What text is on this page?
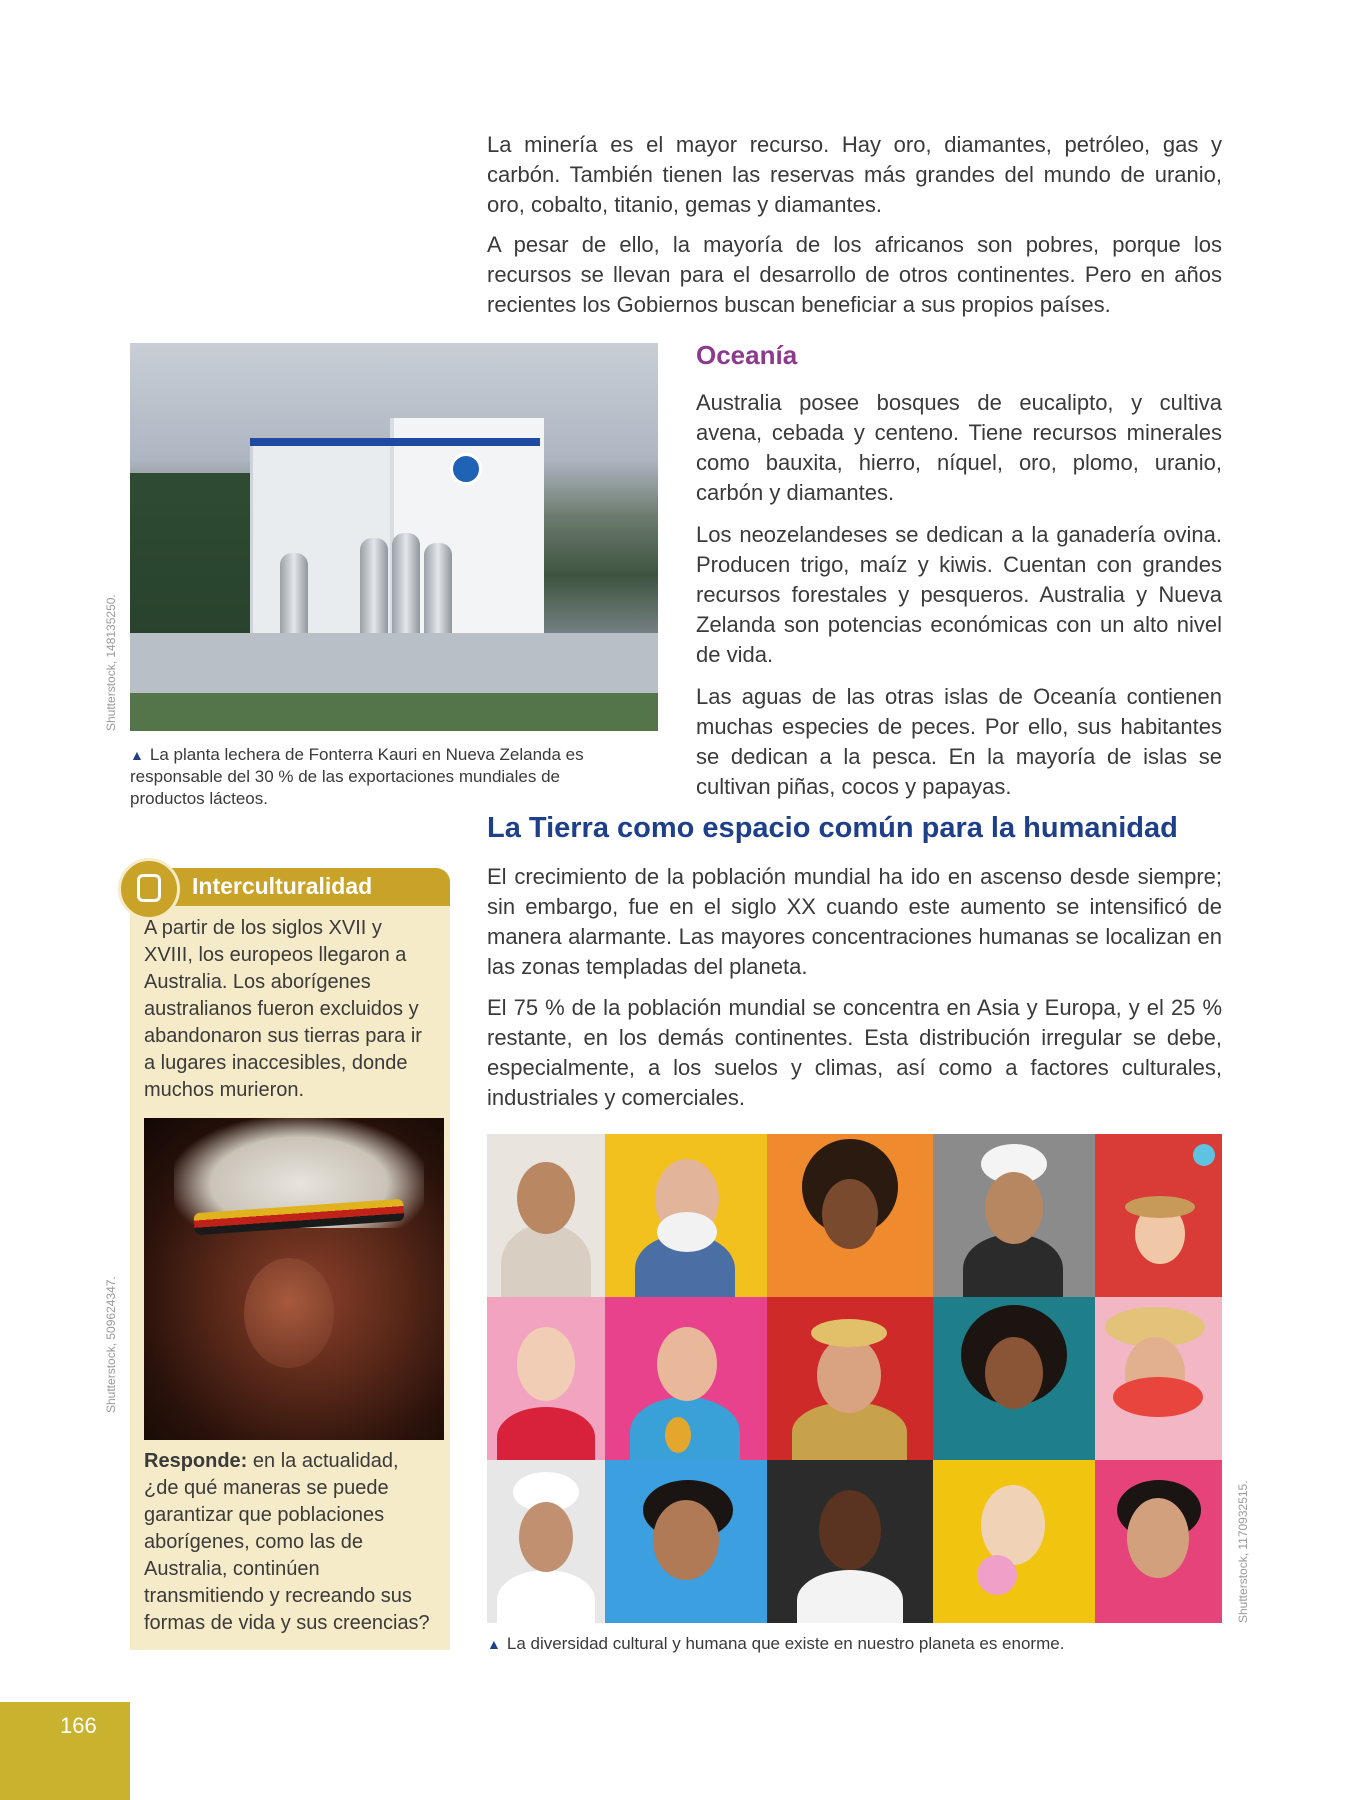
La minería es el mayor recurso. Hay oro, diamantes, petróleo, gas y carbón. También tienen las reservas más grandes del mundo de uranio, oro, cobalto, titanio, gemas y diamantes.

A pesar de ello, la mayoría de los africanos son pobres, porque los recursos se llevan para el desarrollo de otros continentes. Pero en años recientes los Gobiernos buscan beneficiar a sus propios países.

Shutterstock, 148135250.
▲ La planta lechera de Fonterra Kauri en Nueva Zelanda es responsable del 30 % de las exportaciones mundiales de productos lácteos.
Oceanía

Australia posee bosques de eucalipto, y cultiva avena, cebada y centeno. Tiene recursos minerales como bauxita, hierro, níquel, oro, plomo, uranio, carbón y diamantes.

Los neozelandeses se dedican a la ganadería ovina. Producen trigo, maíz y kiwis. Cuentan con grandes recursos forestales y pesqueros. Australia y Nueva Zelanda son potencias económicas con un alto nivel de vida.

Las aguas de las otras islas de Oceanía contienen muchas especies de peces. Por ello, sus habitantes se dedican a la pesca. En la mayoría de islas se cultivan piñas, cocos y papayas.

La Tierra como espacio común para la humanidad

El crecimiento de la población mundial ha ido en ascenso desde siempre; sin embargo, fue en el siglo XX cuando este aumento se intensificó de manera alarmante. Las mayores concentraciones humanas se localizan en las zonas templadas del planeta.

El 75 % de la población mundial se concentra en Asia y Europa, y el 25 % restante, en los demás continentes. Esta distribución irregular se debe, especialmente, a los suelos y climas, así como a factores culturales, industriales y comerciales.

Interculturalidad
A partir de los siglos XVII y XVIII, los europeos llegaron a Australia. Los aborígenes australianos fueron excluidos y abandonaron sus tierras para ir a lugares inaccesibles, donde muchos murieron.
Shutterstock, 509624347.
Responde: en la actualidad, ¿de qué maneras se puede garantizar que poblaciones aborígenes, como las de Australia, continúen transmitiendo y recreando sus formas de vida y sus creencias?	Shutterstock, 1170932515.
▲ La diversidad cultural y humana que existe en nuestro planeta es enorme.
166
